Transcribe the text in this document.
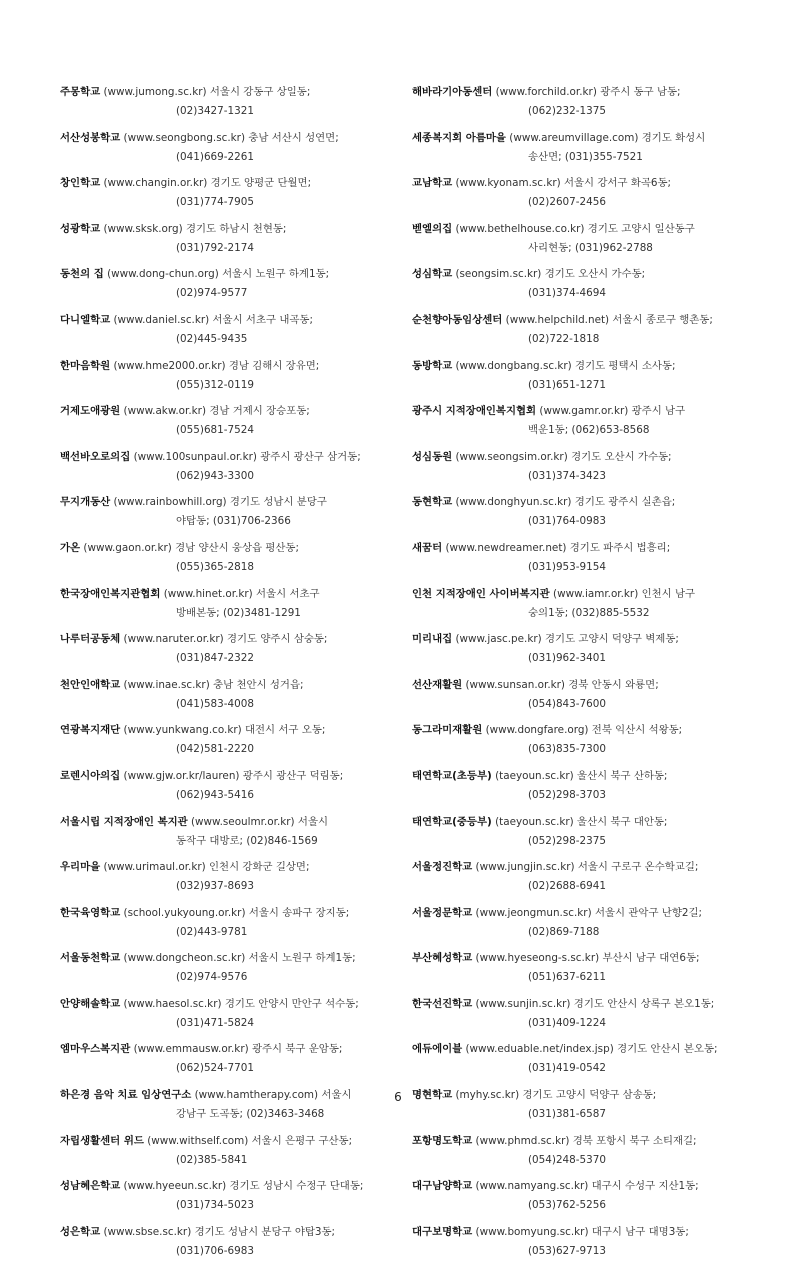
주몽학교 (www.jumong.sc.kr) 서울시 강동구 상일동;
(02)3427-1321
서산성봉학교 (www.seongbong.sc.kr) 충남 서산시 성연면;
(041)669-2261
창인학교 (www.changin.or.kr) 경기도 양평군 단월면;
(031)774-7905
성광학교 (www.sksk.org) 경기도 하남시 천현동;
(031)792-2174
동천의 집 (www.dong-chun.org) 서울시 노원구 하계1동;
(02)974-9577
다니엘학교 (www.daniel.sc.kr) 서울시 서초구 내곡동;
(02)445-9435
한마음학원 (www.hme2000.or.kr) 경남 김해시 장유면;
(055)312-0119
거제도애광원 (www.akw.or.kr) 경남 거제시 장승포동;
(055)681-7524
백선바오로의집 (www.100sunpaul.or.kr) 광주시 광산구 삼거동;
(062)943-3300
무지개동산 (www.rainbowhill.org) 경기도 성남시 분당구
야탑동; (031)706-2366
가온 (www.gaon.or.kr) 경남 양산시 웅상읍 평산동;
(055)365-2818
한국장애인복지관협회 (www.hinet.or.kr) 서울시 서초구
방배본동; (02)3481-1291
나루터공동체 (www.naruter.or.kr) 경기도 양주시 삼숭동;
(031)847-2322
천안인애학교 (www.inae.sc.kr) 충남 천안시 성거읍;
(041)583-4008
연광복지재단 (www.yunkwang.co.kr) 대전시 서구 오동;
(042)581-2220
로렌시아의집 (www.gjw.or.kr/lauren) 광주시 광산구 덕림동;
(062)943-5416
서울시립 지적장애인 복지관 (www.seoulmr.or.kr) 서울시
동작구 대방로; (02)846-1569
우리마을 (www.urimaul.or.kr) 인천시 강화군 길상면;
(032)937-8693
한국육영학교 (school.yukyoung.or.kr) 서울시 송파구 장지동;
(02)443-9781
서울동천학교 (www.dongcheon.sc.kr) 서울시 노원구 하계1동;
(02)974-9576
안양해솔학교 (www.haesol.sc.kr) 경기도 안양시 만안구 석수동;
(031)471-5824
엠마우스복지관 (www.emmausw.or.kr) 광주시 북구 운암동;
(062)524-7701
하은경 음악 치료 임상연구소 (www.hamtherapy.com) 서울시
강남구 도곡동; (02)3463-3468
자립생활센터 위드 (www.withself.com) 서울시 은평구 구산동;
(02)385-5841
성남혜은학교 (www.hyeeun.sc.kr) 경기도 성남시 수정구 단대동;
(031)734-5023
성은학교 (www.sbse.sc.kr) 경기도 성남시 분당구 야탑3동;
(031)706-6983
해바라기아동센터 (www.forchild.or.kr) 광주시 동구 남동;
(062)232-1375
세종복지회 아름마을 (www.areumvillage.com) 경기도 화성시
송산면; (031)355-7521
교남학교 (www.kyonam.sc.kr) 서울시 강서구 화곡6동;
(02)2607-2456
벧엘의집 (www.bethelhouse.co.kr) 경기도 고양시 일산동구
사리현동; (031)962-2788
성심학교 (seongsim.sc.kr) 경기도 오산시 가수동;
(031)374-4694
순천향아동임상센터 (www.helpchild.net) 서울시 종로구 행촌동;
(02)722-1818
동방학교 (www.dongbang.sc.kr) 경기도 평택시 소사동;
(031)651-1271
광주시 지적장애인복지협회 (www.gamr.or.kr) 광주시 남구
백운1동; (062)653-8568
성심동원 (www.seongsim.or.kr) 경기도 오산시 가수동;
(031)374-3423
동현학교 (www.donghyun.sc.kr) 경기도 광주시 실촌읍;
(031)764-0983
새꿈터 (www.newdreamer.net) 경기도 파주시 법흥리;
(031)953-9154
인천 지적장애인 사이버복지관 (www.iamr.or.kr) 인천시 남구
숭의1동; (032)885-5532
미리내집 (www.jasc.pe.kr) 경기도 고양시 덕양구 벽제동;
(031)962-3401
선산재활원 (www.sunsan.or.kr) 경북 안동시 와룡면;
(054)843-7600
동그라미재활원 (www.dongfare.org) 전북 익산시 석왕동;
(063)835-7300
태연학교(초등부) (taeyoun.sc.kr) 울산시 북구 산하동;
(052)298-3703
태연학교(중등부) (taeyoun.sc.kr) 울산시 북구 대안동;
(052)298-2375
서울정진학교 (www.jungjin.sc.kr) 서울시 구로구 온수학교길;
(02)2688-6941
서울정문학교 (www.jeongmun.sc.kr) 서울시 관악구 난향2길;
(02)869-7188
부산혜성학교 (www.hyeseong-s.sc.kr) 부산시 남구 대연6동;
(051)637-6211
한국선진학교 (www.sunjin.sc.kr) 경기도 안산시 상록구 본오1동;
(031)409-1224
에듀에이블 (www.eduable.net/index.jsp) 경기도 안산시 본오동;
(031)419-0542
명현학교 (myhy.sc.kr) 경기도 고양시 덕양구 삼송동;
(031)381-6587
포항명도학교 (www.phmd.sc.kr) 경북 포항시 북구 소티재길;
(054)248-5370
대구남양학교 (www.namyang.sc.kr) 대구시 수성구 지산1동;
(053)762-5256
대구보명학교 (www.bomyung.sc.kr) 대구시 남구 대명3동;
(053)627-9713
6
